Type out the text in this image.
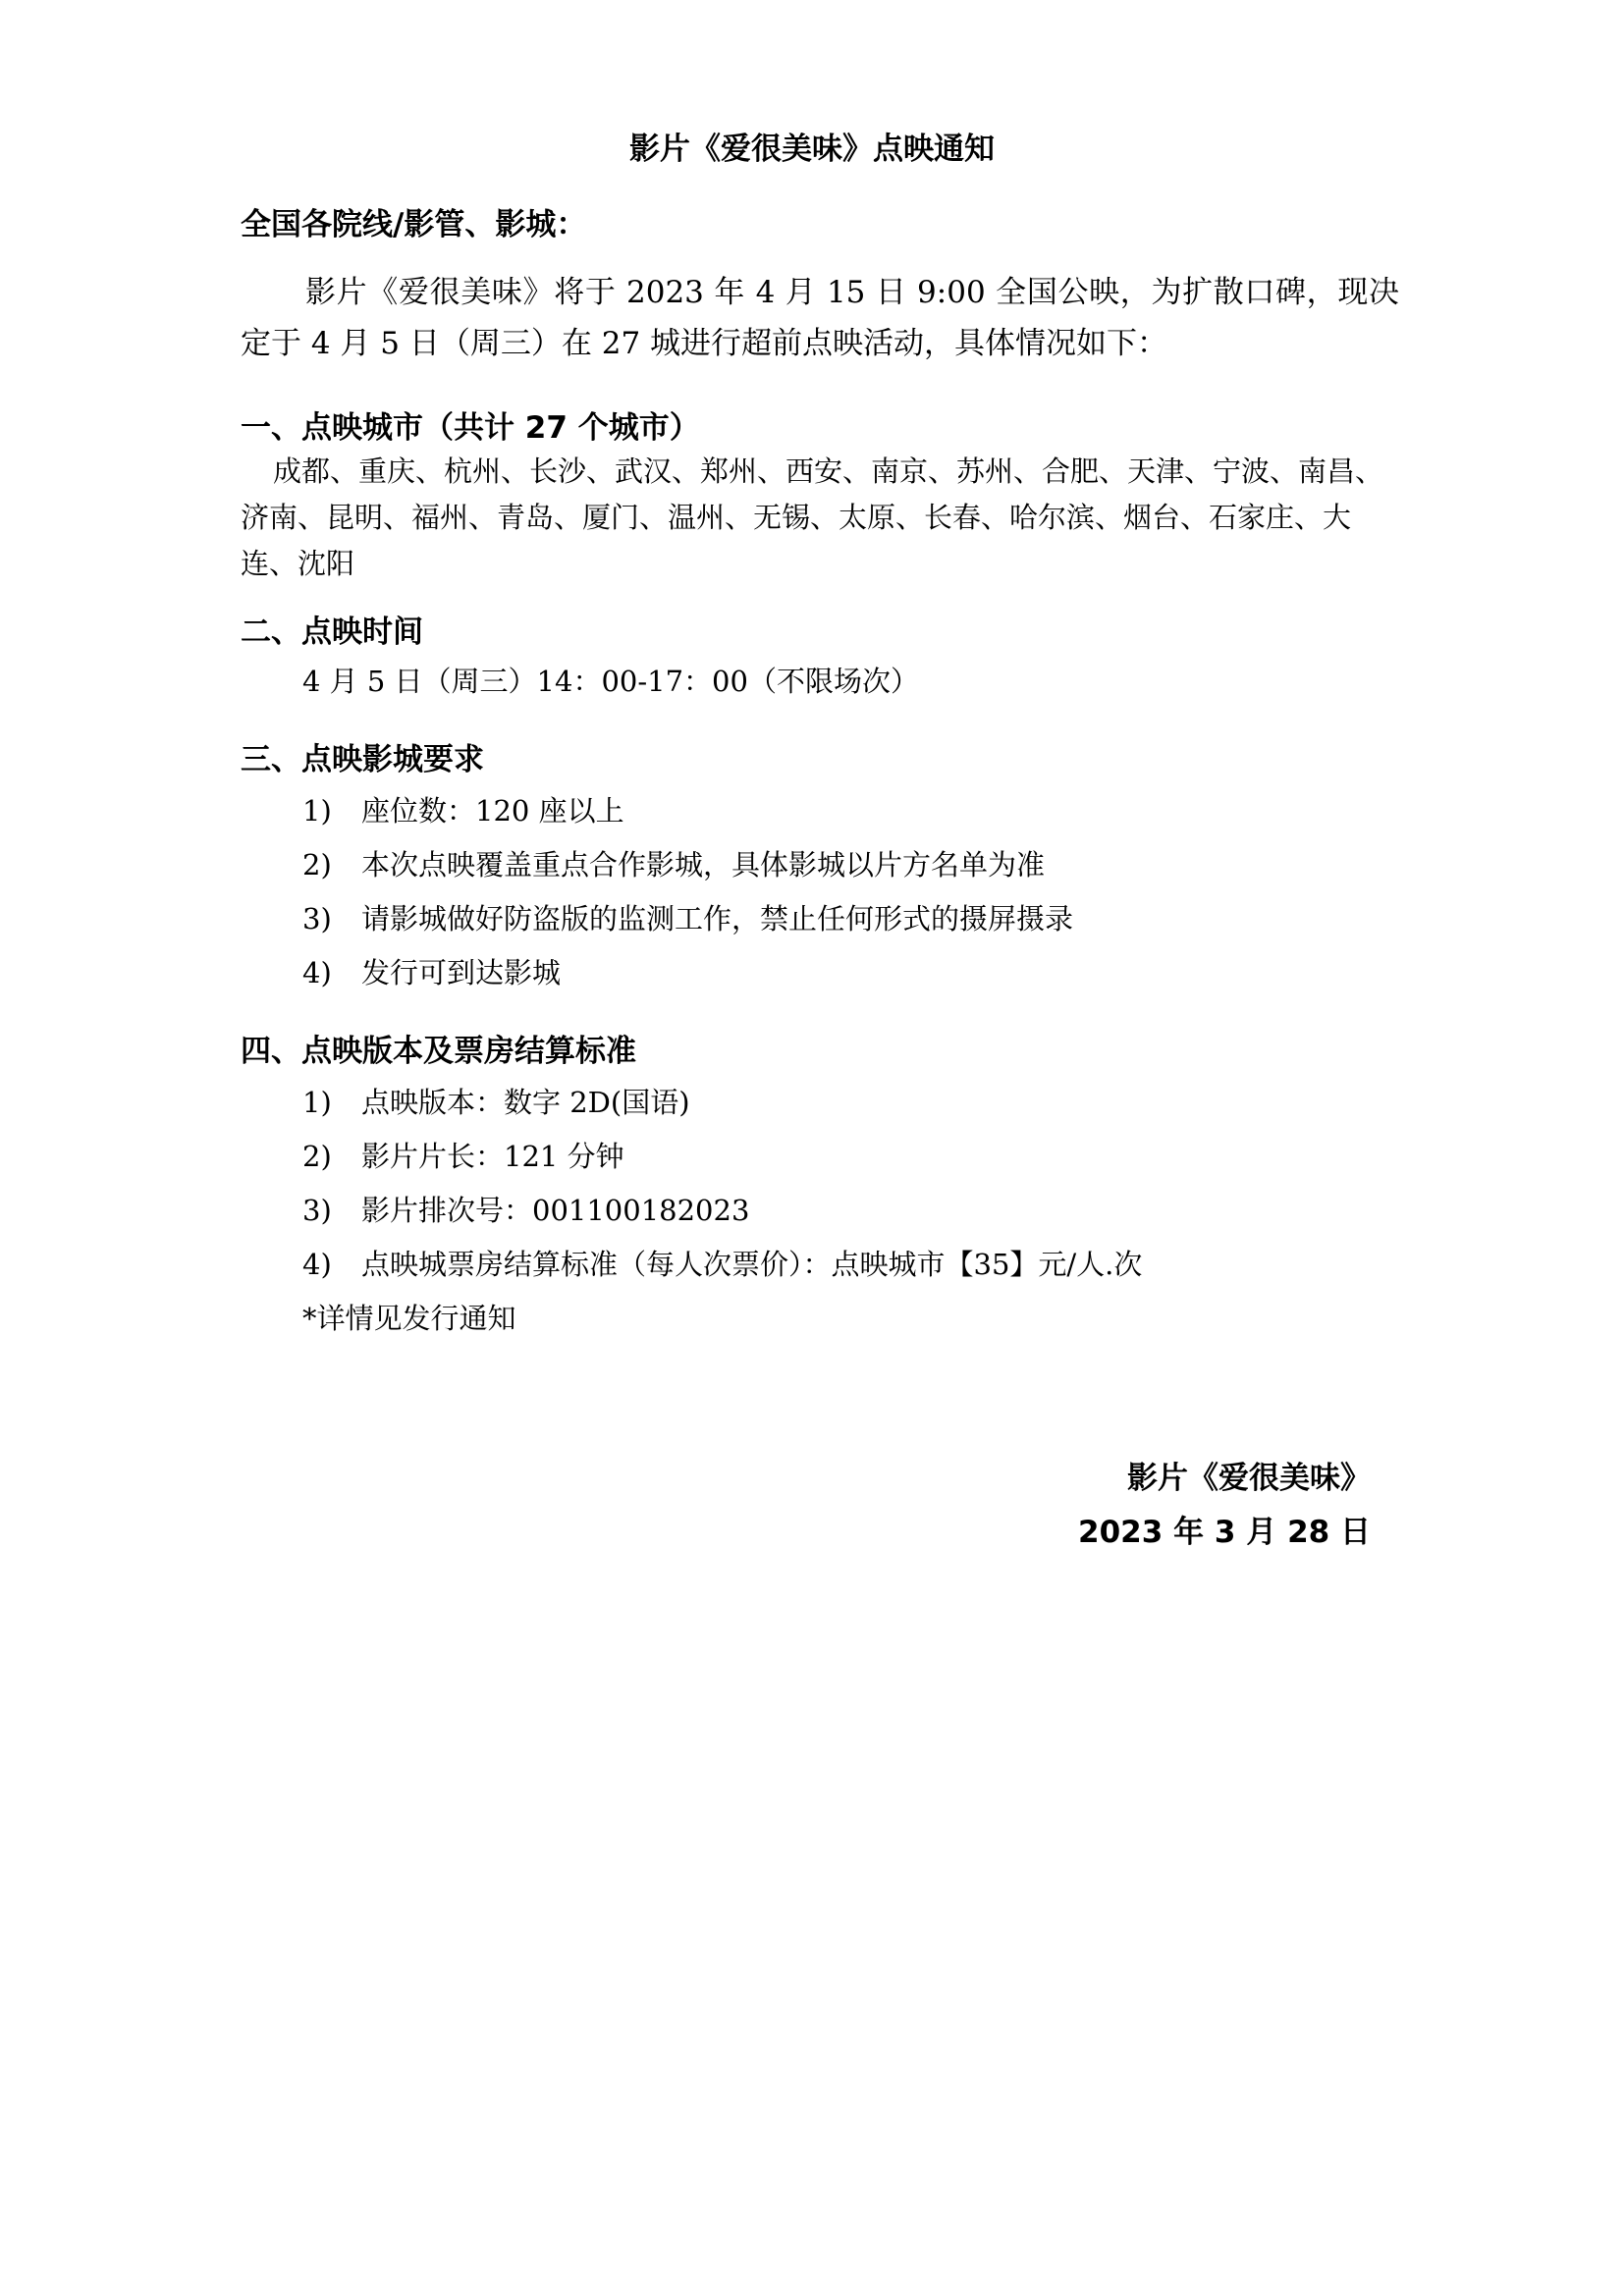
影片《爱很美味》点映通知
全国各院线/影管、影城：
影片《爱很美味》将于 2023 年 4 月 15 日 9:00 全国公映，为扩散口碑，现决定于 4 月 5 日（周三）在 27 城进行超前点映活动，具体情况如下：
一、点映城市（共计 27 个城市）
成都、重庆、杭州、长沙、武汉、郑州、西安、南京、苏州、合肥、天津、宁波、南昌、济南、昆明、福州、青岛、厦门、温州、无锡、太原、长春、哈尔滨、烟台、石家庄、大连、沈阳
二、点映时间
4 月 5 日（周三）14：00-17：00（不限场次）
三、点映影城要求
1) 座位数：120 座以上
2) 本次点映覆盖重点合作影城，具体影城以片方名单为准
3) 请影城做好防盗版的监测工作，禁止任何形式的摄屏摄录
4) 发行可到达影城
四、点映版本及票房结算标准
1) 点映版本：数字 2D(国语)
2) 影片片长：121 分钟
3) 影片排次号：001100182023
4) 点映城票房结算标准（每人次票价）：点映城市【35】元/人.次
*详情见发行通知
影片《爱很美味》
2023 年 3 月 28 日
